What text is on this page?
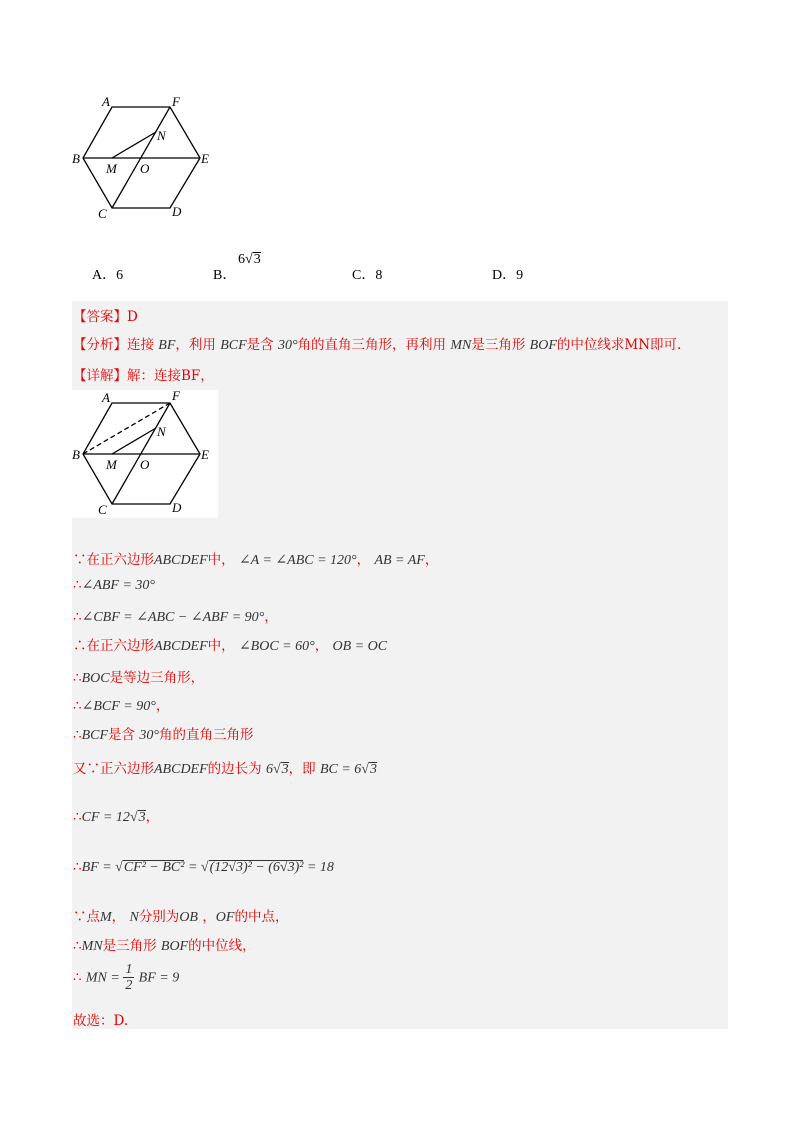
A	F
N
B
M O
E
C	D
A．6	B．
6√3
C．8	D．9
【答案】D
【分析】连接 BF，利用 BCF是含 30°角的直角三角形，再利用 MN是三角形 BOF的中位线求MN即可.
【详解】解：连接BF，
A	F
N
B
M O
E
C	D
∵在正六边形ABCDEF中， ∠A = ∠ABC = 120°， AB = AF，
∴∠ABF = 30°
∴∠CBF = ∠ABC − ∠ABF = 90°，
∴在正六边形ABCDEF中， ∠BOC = 60°， OB = OC
∴BOC是等边三角形，
∴∠BCF = 90°，
∴BCF是含 30°角的直角三角形
又∵正六边形ABCDEF的边长为 6√3，即 BC = 6√3
∴CF = 12√3，
∴BF = √CF² − BC² = √(12√3)² − (6√3)² = 18
∵点M， N分别为OB ，OF的中点，
∴MN是三角形 BOF的中位线，
∴ MN = $\frac{1}{2}$ BF = 9
故选：D.
